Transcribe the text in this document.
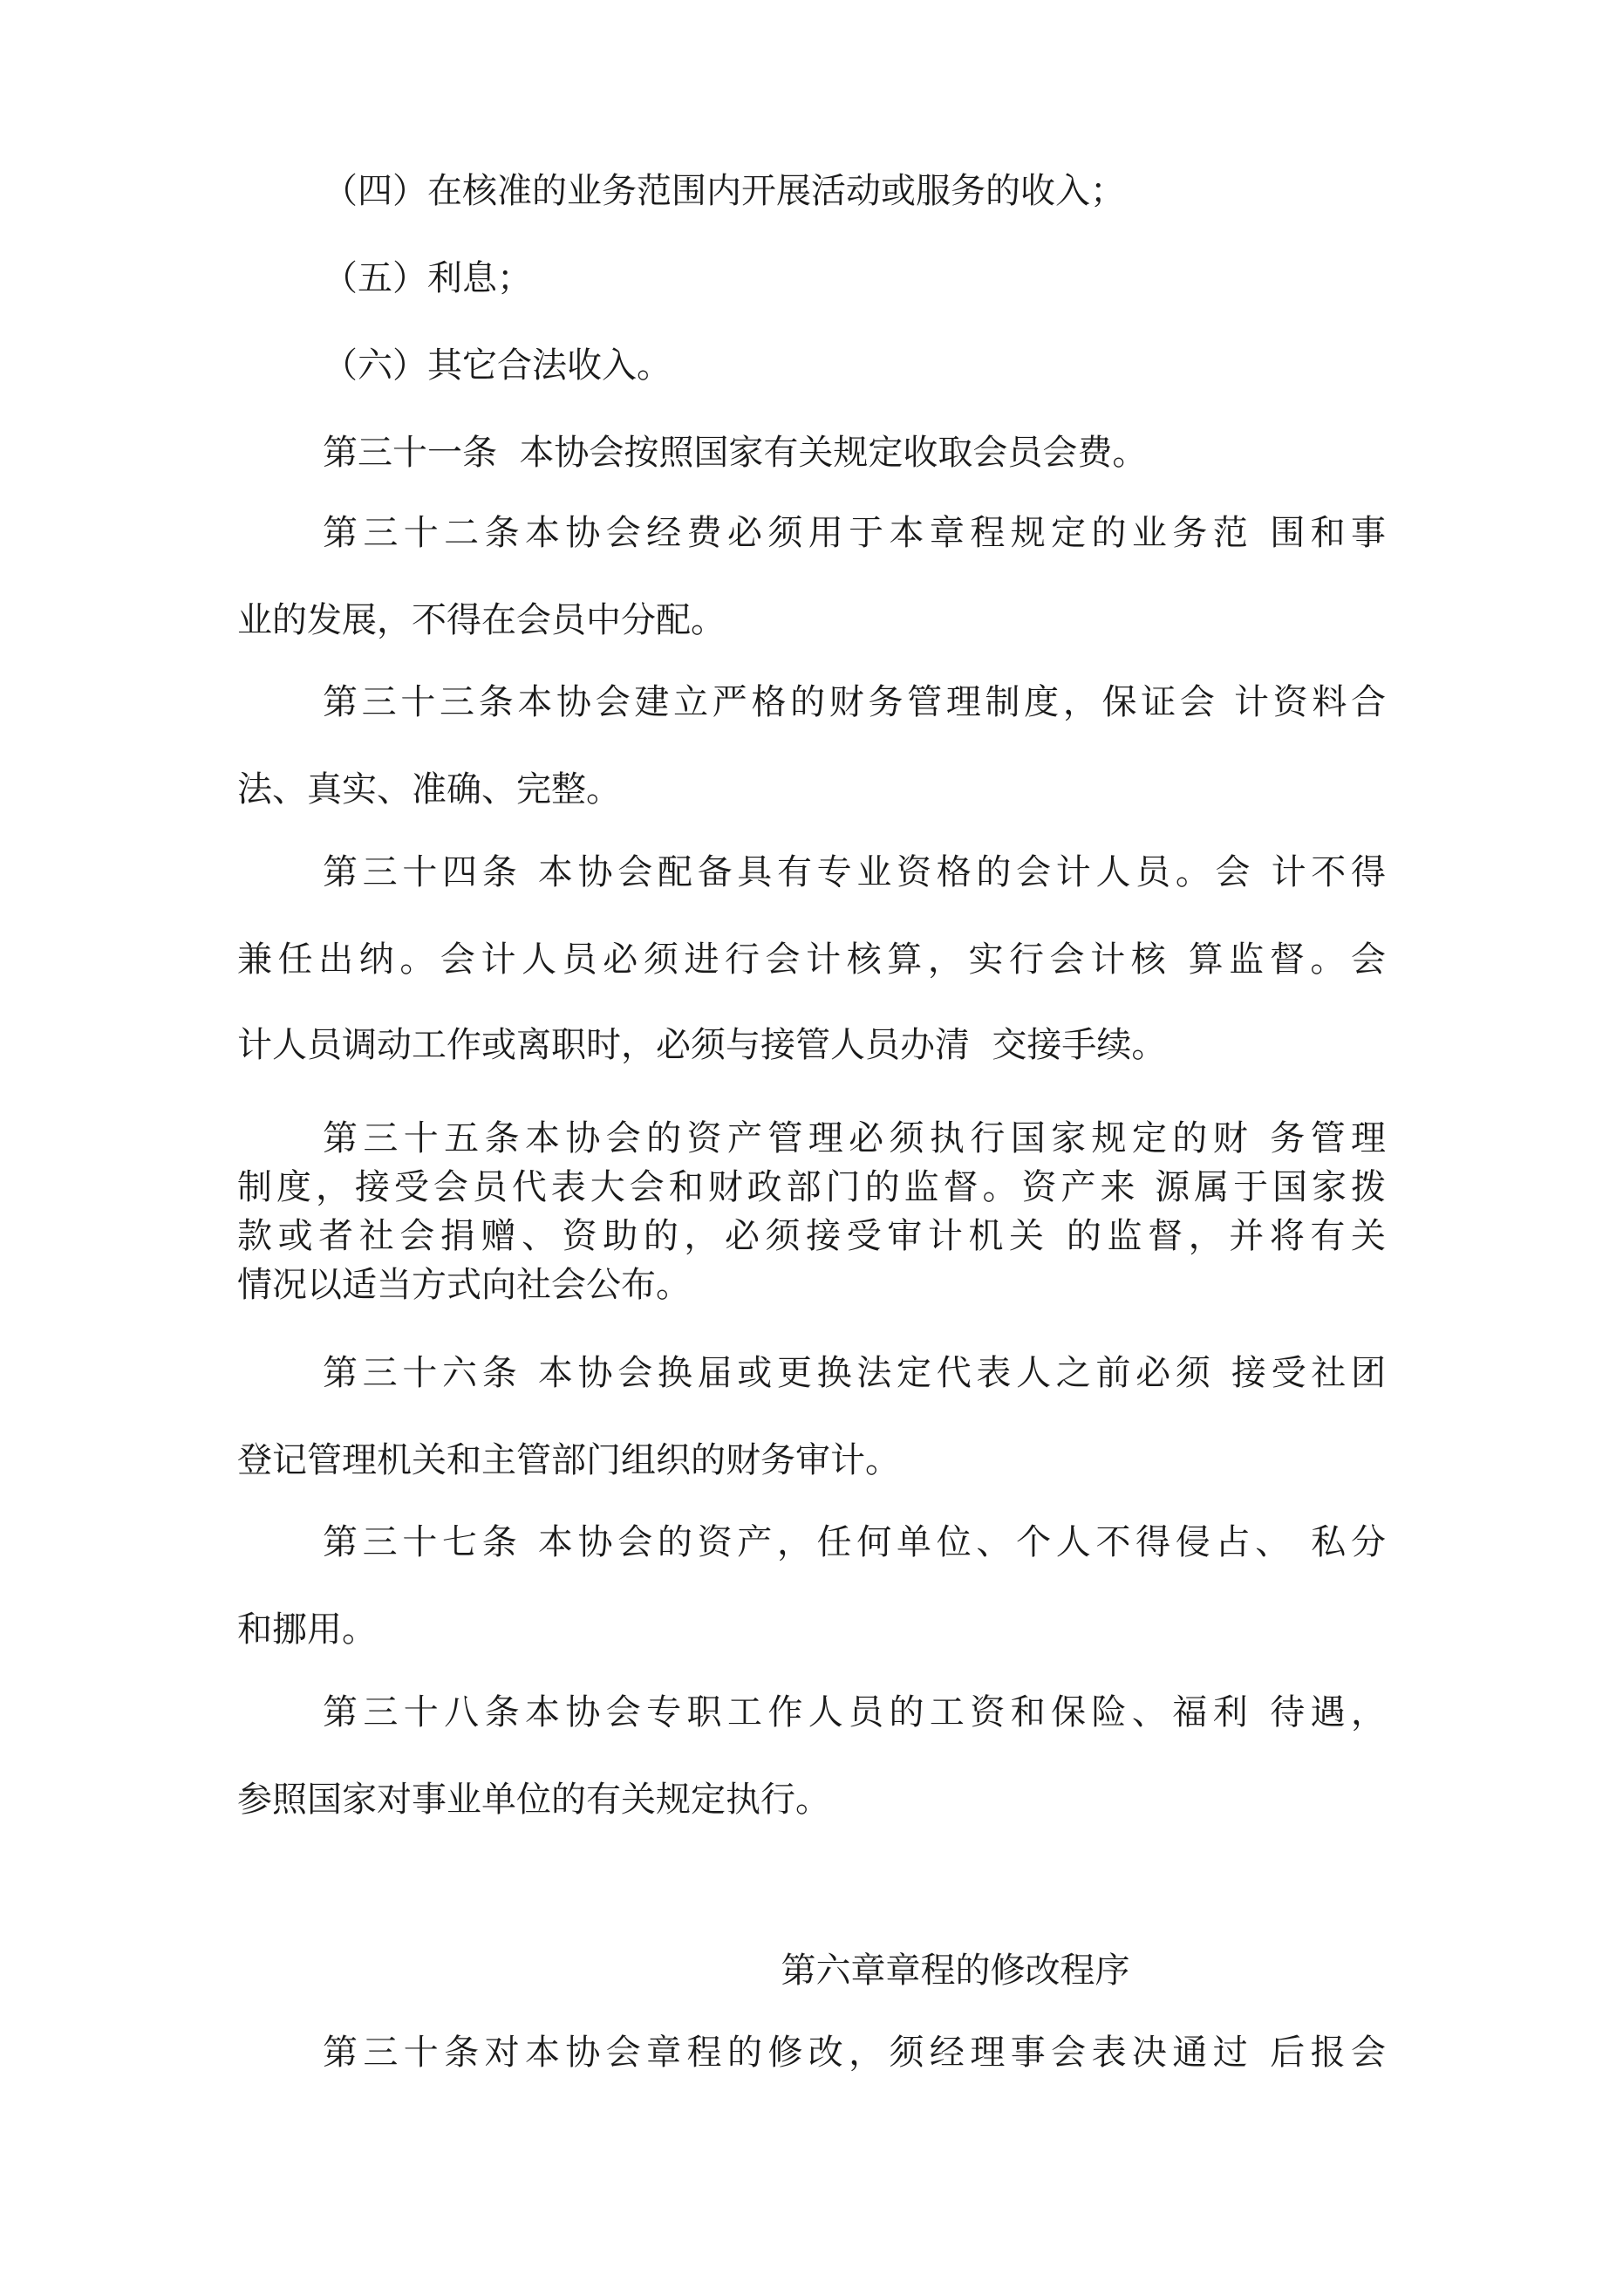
（四）在核准的业务范围内开展活动或服务的收入；

（五）利息；

（六）其它合法收入。

第三十一条  本协会按照国家有关规定收取会员会费。

第三十二条本协会经费必须用于本章程规定的业务范 围和事

业的发展，不得在会员中分配。

第三十三条本协会建立严格的财务管理制度，保证会 计资料合

法、真实、准确、完整。

第三十四条 本协会配备具有专业资格的会计人员。会 计不得

兼任出纳。会计人员必须进行会计核算，实行会计核 算监督。会

计人员调动工作或离职时，必须与接管人员办清  交接手续。

第三十五条本协会的资产管理必须执行国家规定的财 务管理

制度，接受会员代表大会和财政部门的监督。资产来 源属于国家拨

款或者社会捐赠、资助的，必须接受审计机关 的监督，并将有关

情况以适当方式向社会公布。

第三十六条 本协会换届或更换法定代表人之前必须 接受社团

登记管理机关和主管部门组织的财务审计。

第三十七条 本协会的资产，任何单位、个人不得侵占、 私分

和挪用。

第三十八条本协会专职工作人员的工资和保险、福利 待遇，

参照国家对事业单位的有关规定执行。

第六章章程的修改程序

第三十条对本协会章程的修改，须经理事会表决通过 后报会
